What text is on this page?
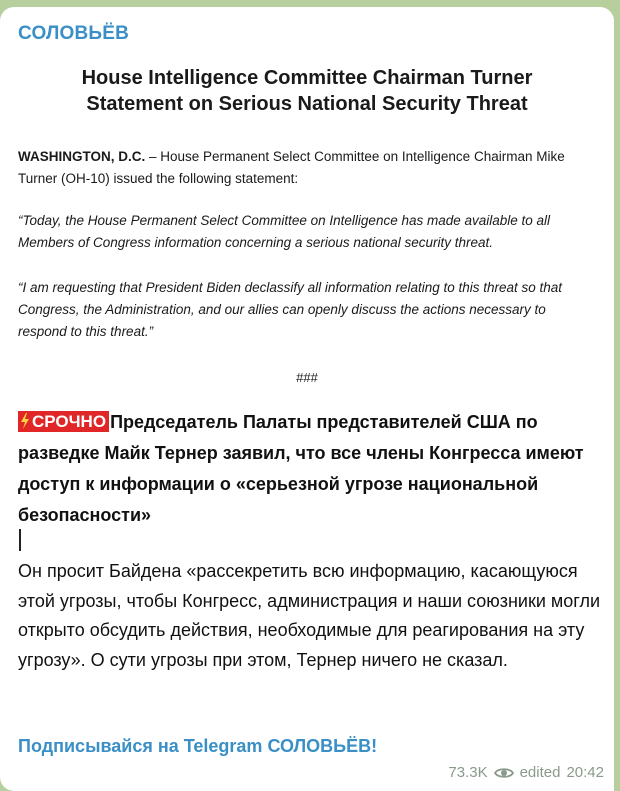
СОЛОВЬЁВ
House Intelligence Committee Chairman Turner
Statement on Serious National Security Threat
WASHINGTON, D.C. – House Permanent Select Committee on Intelligence Chairman Mike Turner (OH-10) issued the following statement:
“Today, the House Permanent Select Committee on Intelligence has made available to all Members of Congress information concerning a serious national security threat.
“I am requesting that President Biden declassify all information relating to this threat so that Congress, the Administration, and our allies can openly discuss the actions necessary to respond to this threat.”
###
СРОЧНО Председатель Палаты представителей США по разведке Майк Тернер заявил, что все члены Конгресса имеют доступ к информации о «серьезной угрозе национальной безопасности»
Он просит Байдена «рассекретить всю информацию, касающуюся этой угрозы, чтобы Конгресс, администрация и наши союзники могли открыто обсудить действия, необходимые для реагирования на эту угрозу». О сути угрозы при этом, Тернер ничего не сказал.
Подписывайся на Telegram СОЛОВЬЁВ!
73.3K edited 20:42
